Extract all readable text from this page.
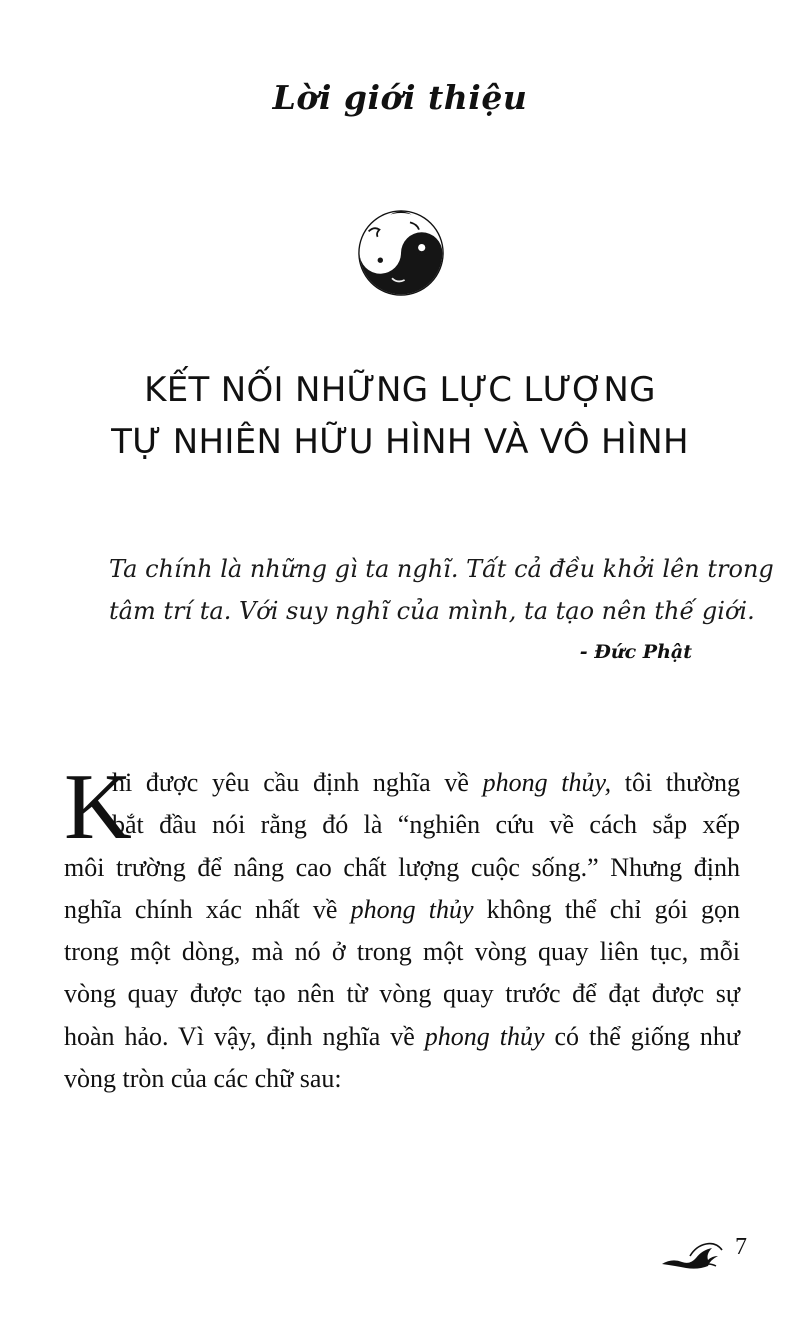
Lời giới thiệu
KẾT NỐI NHỮNG LỰC LƯỢNG
TỰ NHIÊN HỮU HÌNH VÀ VÔ HÌNH
Ta chính là những gì ta nghĩ. Tất cả đều khởi lên trong
tâm trí ta. Với suy nghĩ của mình, ta tạo nên thế giới.
- Đức Phật
K
hi được yêu cầu định nghĩa về phong thủy, tôi thường
bắt đầu nói rằng đó là “nghiên cứu về cách sắp xếp
môi trường để nâng cao chất lượng cuộc sống.” Nhưng định
nghĩa chính xác nhất về phong thủy không thể chỉ gói gọn
trong một dòng, mà nó ở trong một vòng quay liên tục, mỗi
vòng quay được tạo nên từ vòng quay trước để đạt được sự
hoàn hảo. Vì vậy, định nghĩa về phong thủy có thể giống như
vòng tròn của các chữ sau:
7
